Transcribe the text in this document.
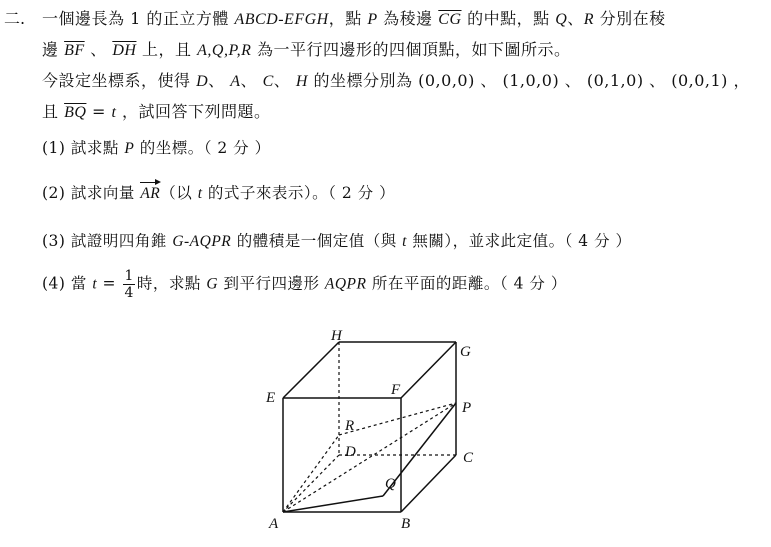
二. 一個邊長為 1 的正立方體 ABCD-EFGH，點 P 為稜邊 $\overline{CG}$ 的中點，點 Q、R 分別在稜
邊 $\overline{BF}$ 、 $\overline{DH}$ 上，且 A,Q,P,R 為一平行四邊形的四個頂點，如下圖所示。
今設定坐標系，使得 D、 A、 C、 H 的坐標分別為 (0,0,0) 、 (1,0,0) 、 (0,1,0) 、 (0,0,1) ，
且 $\overline{BQ} = t$ ，試回答下列問題。
(1) 試求點 P 的坐標。（ 2 分 ）
(2) 試求向量 AR（以 t 的式子來表示）。（ 2 分 ）
(3) 試證明四角錐 G-AQPR 的體積是一個定值（與 t 無關），並求此定值。（ 4 分 ）
(4) 當 $t = \frac{1}{4}$ 時，求點 G 到平行四邊形 AQPR 所在平面的距離。（ 4 分 ）
A	B
C
D
E	F
G
H
P
Q
R
